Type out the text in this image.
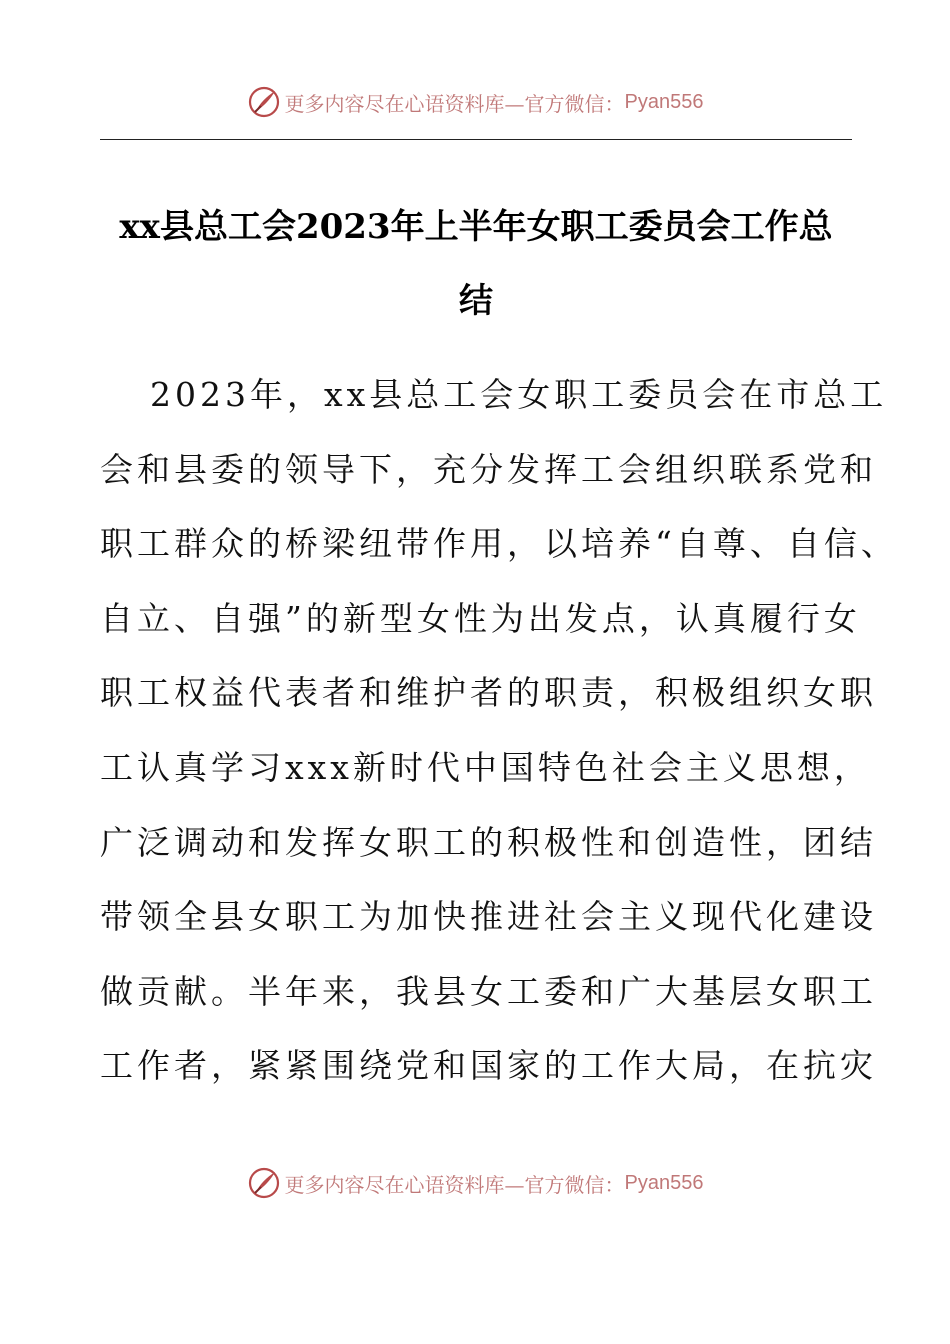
更多内容尽在心语资料库—官方微信： Pyan556
xx县总工会2023年上半年女职工委员会工作总
结
2023年，xx县总工会女职工委员会在市总工
会和县委的领导下，充分发挥工会组织联系党和
职工群众的桥梁纽带作用，以培养“自尊、自信、
自立、自强”的新型女性为出发点，认真履行女
职工权益代表者和维护者的职责，积极组织女职
工认真学习xxx新时代中国特色社会主义思想，
广泛调动和发挥女职工的积极性和创造性，团结
带领全县女职工为加快推进社会主义现代化建设
做贡献。半年来，我县女工委和广大基层女职工
工作者，紧紧围绕党和国家的工作大局，在抗灾
更多内容尽在心语资料库—官方微信： Pyan556
